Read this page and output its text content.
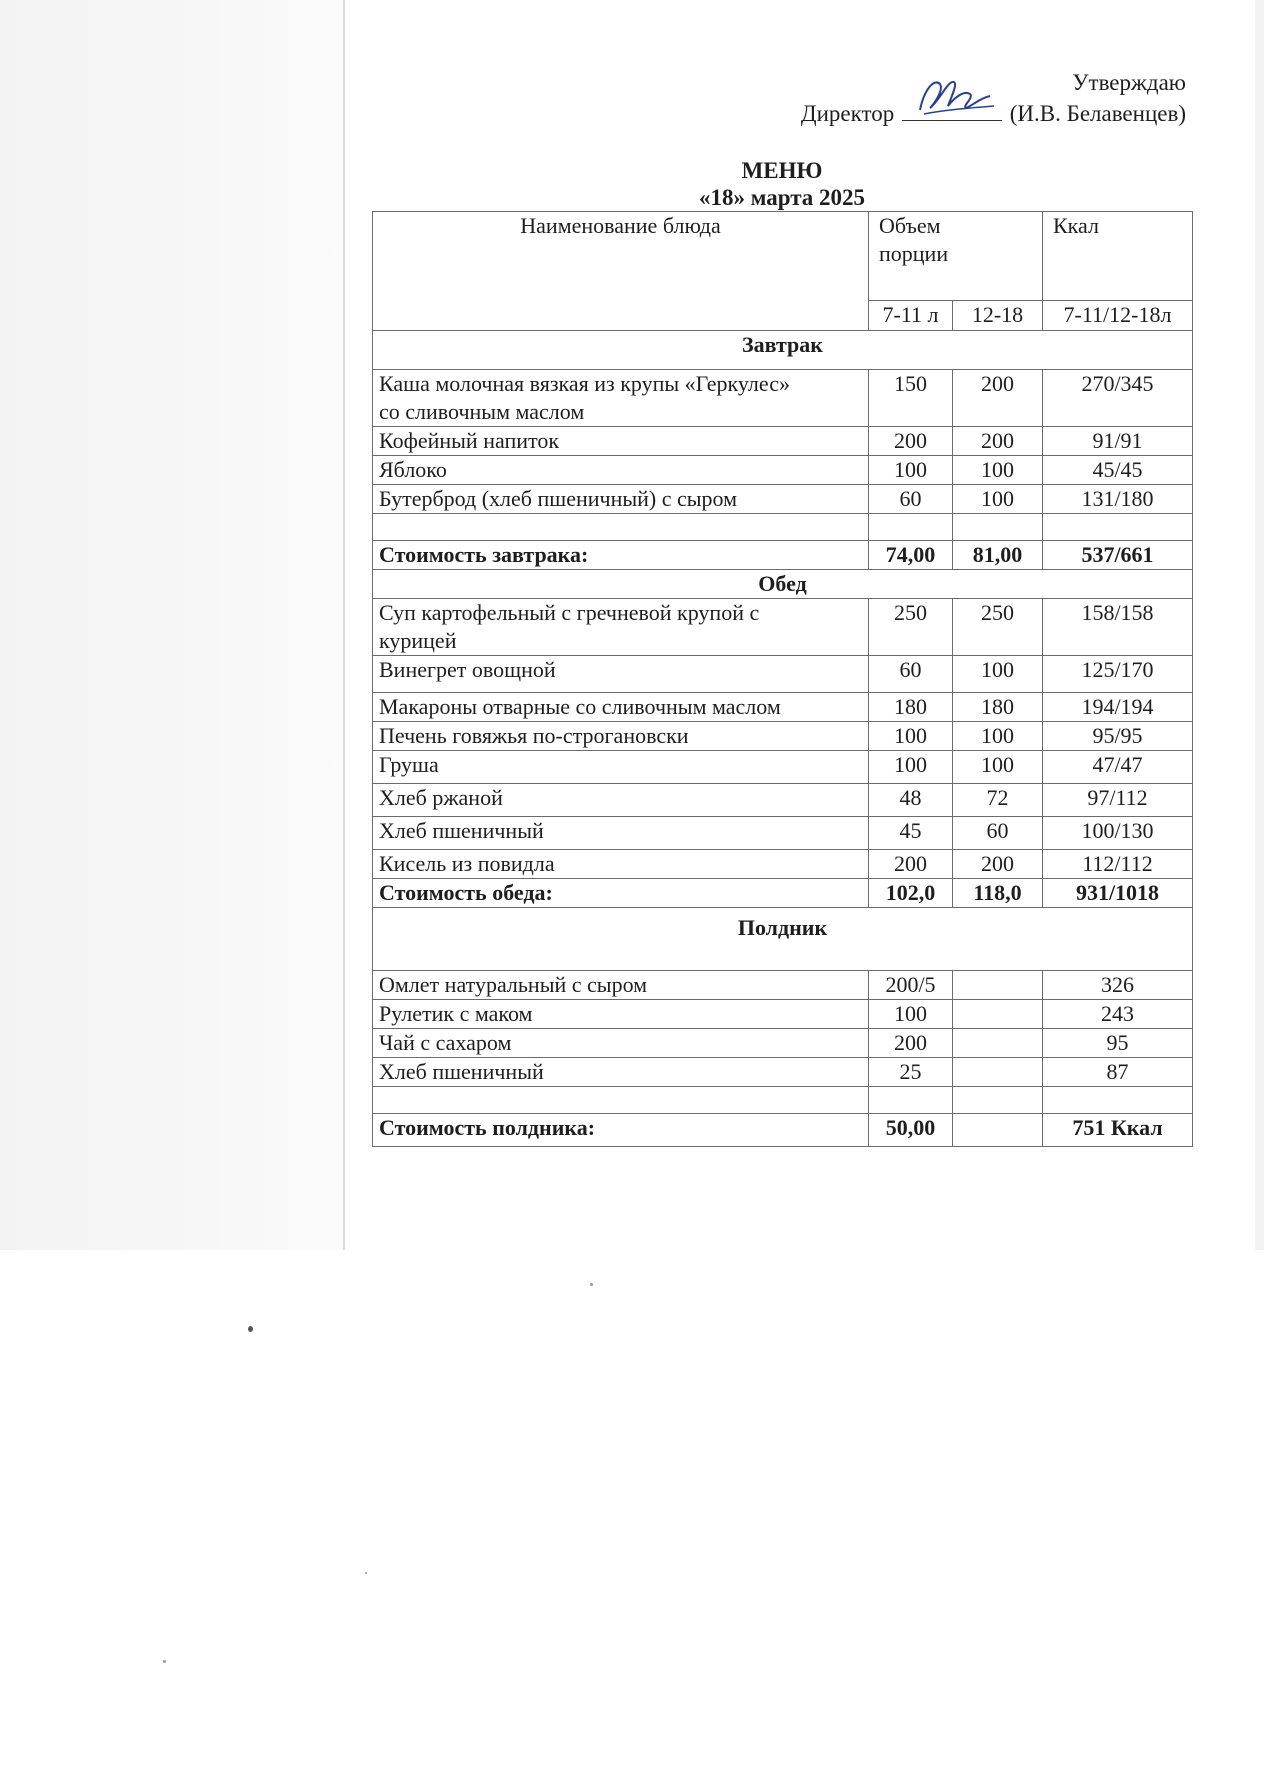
Утверждаю
Директор	(И.В. Белавенцев)
МЕНЮ
«18» марта 2025
Наименование блюда	Объем
порции		Ккал
	7-11 л	12-18	7-11/12-18л
Завтрак			

Каша молочная вязкая из крупы «Геркулес»
со сливочным маслом	150	200	270/345
Кофейный напиток	200	200	91/91
Яблоко	100	100	45/45
Бутерброд (хлеб пшеничный) с сыром	60	100	131/180

Стоимость завтрака:	74,00	81,00	537/661
Обед			

Суп картофельный с гречневой крупой с
курицей	250	250	158/158
Винегрет овощной	60	100	125/170
Макароны отварные со сливочным маслом	180	180	194/194
Печень говяжья по-строгановски	100	100	95/95
Груша	100	100	47/47
Хлеб ржаной	48	72	97/112
Хлеб пшеничный	45	60	100/130
Кисель из повидла	200	200	112/112
Стоимость обеда:	102,0	118,0	931/1018
Полдник			
Омлет натуральный с сыром	200/5		326
Рулетик с маком	100		243
Чай с сахаром	200		95
Хлеб пшеничный	25		87

Стоимость полдника:	50,00		751 Ккал
